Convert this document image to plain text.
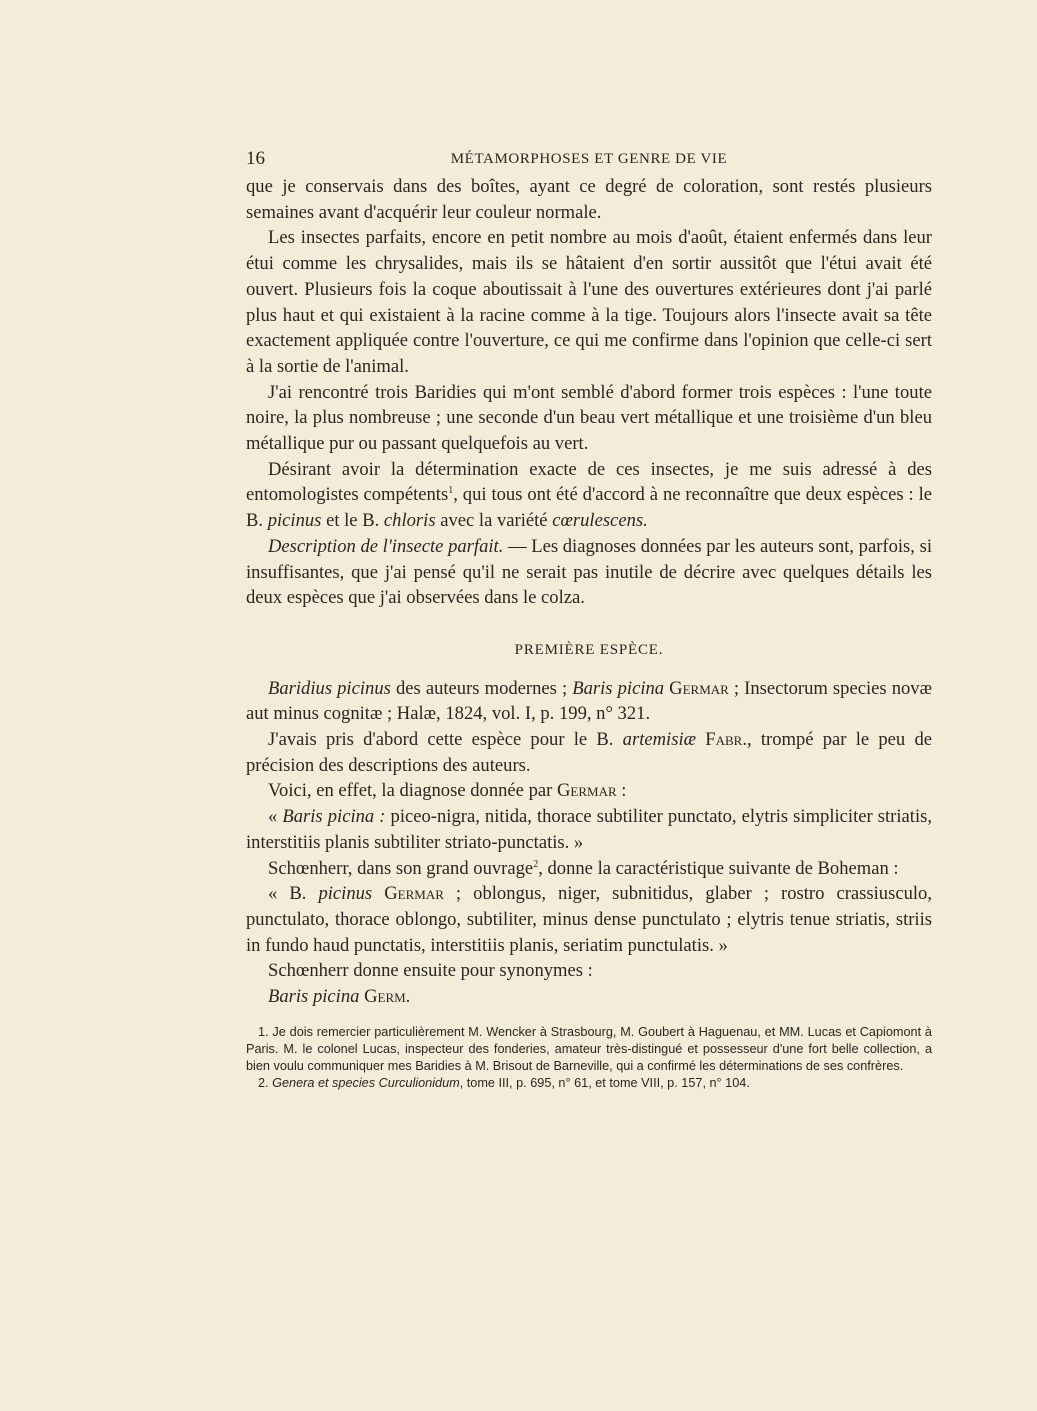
16	MÉTAMORPHOSES ET GENRE DE VIE

que je conservais dans des boîtes, ayant ce degré de coloration, sont restés plusieurs semaines avant d'acquérir leur couleur normale.

Les insectes parfaits, encore en petit nombre au mois d'août, étaient enfermés dans leur étui comme les chrysalides, mais ils se hâtaient d'en sortir aussitôt que l'étui avait été ouvert. Plusieurs fois la coque aboutissait à l'une des ouvertures extérieures dont j'ai parlé plus haut et qui existaient à la racine comme à la tige. Toujours alors l'insecte avait sa tête exactement appliquée contre l'ouverture, ce qui me confirme dans l'opinion que celle-ci sert à la sortie de l'animal.

J'ai rencontré trois Baridies qui m'ont semblé d'abord former trois espèces : l'une toute noire, la plus nombreuse ; une seconde d'un beau vert métallique et une troisième d'un bleu métallique pur ou passant quelquefois au vert.

Désirant avoir la détermination exacte de ces insectes, je me suis adressé à des entomologistes compétents$^1$, qui tous ont été d'accord à ne reconnaître que deux espèces : le B. picinus et le B. chloris avec la variété cœrulescens.

Description de l'insecte parfait. — Les diagnoses données par les auteurs sont, parfois, si insuffisantes, que j'ai pensé qu'il ne serait pas inutile de décrire avec quelques détails les deux espèces que j'ai observées dans le colza.

PREMIÈRE ESPÈCE.

Baridius picinus des auteurs modernes ; Baris picina Germar ; Insectorum species novæ aut minus cognitæ ; Halæ, 1824, vol. I, p. 199, n° 321.

J'avais pris d'abord cette espèce pour le B. artemisiæ Fabr., trompé par le peu de précision des descriptions des auteurs.

Voici, en effet, la diagnose donnée par Germar :

« Baris picina : piceo-nigra, nitida, thorace subtiliter punctato, elytris simpliciter striatis, interstitiis planis subtiliter striato-punctatis. »

Schœnherr, dans son grand ouvrage$^2$, donne la caractéristique suivante de Boheman :

« B. picinus Germar ; oblongus, niger, subnitidus, glaber ; rostro crassiusculo, punctulato, thorace oblongo, subtiliter, minus dense punctulato ; elytris tenue striatis, striis in fundo haud punctatis, interstitiis planis, seriatim punctulatis. »

Schœnherr donne ensuite pour synonymes :

Baris picina Germ.

1. Je dois remercier particulièrement M. Wencker à Strasbourg, M. Goubert à Haguenau, et MM. Lucas et Capiomont à Paris. M. le colonel Lucas, inspecteur des fonderies, amateur très-distingué et possesseur d'une fort belle collection, a bien voulu communiquer mes Baridies à M. Brisout de Barneville, qui a confirmé les déterminations de ses confrères.

2. Genera et species Curculionidum, tome III, p. 695, n° 61, et tome VIII, p. 157, n° 104.
